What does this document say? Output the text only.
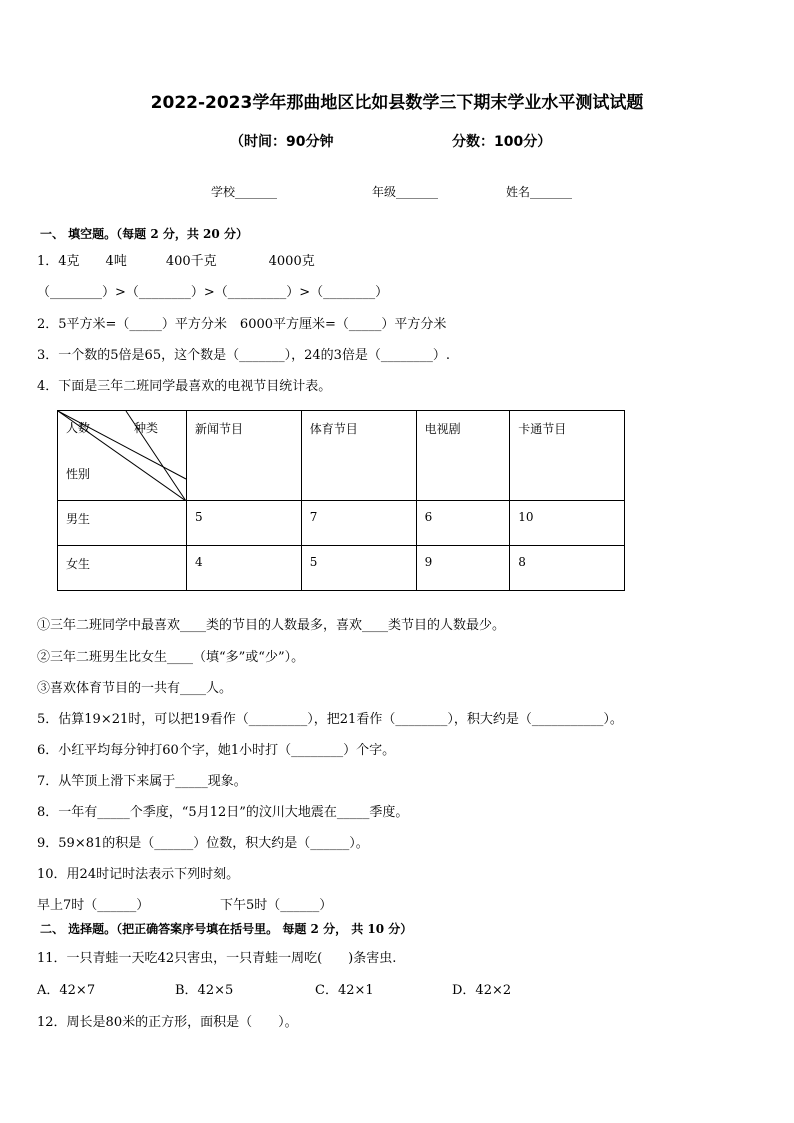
2022-2023学年那曲地区比如县数学三下期末学业水平测试试题
（时间：90分钟	分数：100分）
学校_______	年级_______	姓名_______
一、 填空题。（每题 2 分，共 20 分）
1．4克　　4吨　　　400千克　　　　4000克
（________）>（________）>（_________）>（________）
2．5平方米=（_____）平方分米　6000平方厘米=（_____）平方分米
3．一个数的5倍是65，这个数是（_______），24的3倍是（________）.
4．下面是三年二班同学最喜欢的电视节目统计表。
人数 种类
性别	新闻节目	体育节目	电视剧	卡通节目
男生	5	7	6	10
女生	4	5	9	8
①三年二班同学中最喜欢____类的节目的人数最多，喜欢____类节目的人数最少。
②三年二班男生比女生____（填“多”或“少”）。
③喜欢体育节目的一共有____人。
5．估算19×21时，可以把19看作（_________），把21看作（________），积大约是（___________）。
6．小红平均每分钟打60个字，她1小时打（________）个字。
7．从竿顶上滑下来属于_____现象。
8．一年有_____个季度，“5月12日”的汶川大地震在_____季度。
9．59×81的积是（______）位数，积大约是（______）。
10．用24时记时法表示下列时刻。
早上7时（______）	下午5时（______）
二、 选择题。（把正确答案序号填在括号里。 每题 2 分， 共 10 分）
11．一只青蛙一天吃42只害虫，一只青蛙一周吃(　　)条害虫.
A．42×7	B．42×5	C．42×1	D．42×2
12．周长是80米的正方形，面积是（　　）。
